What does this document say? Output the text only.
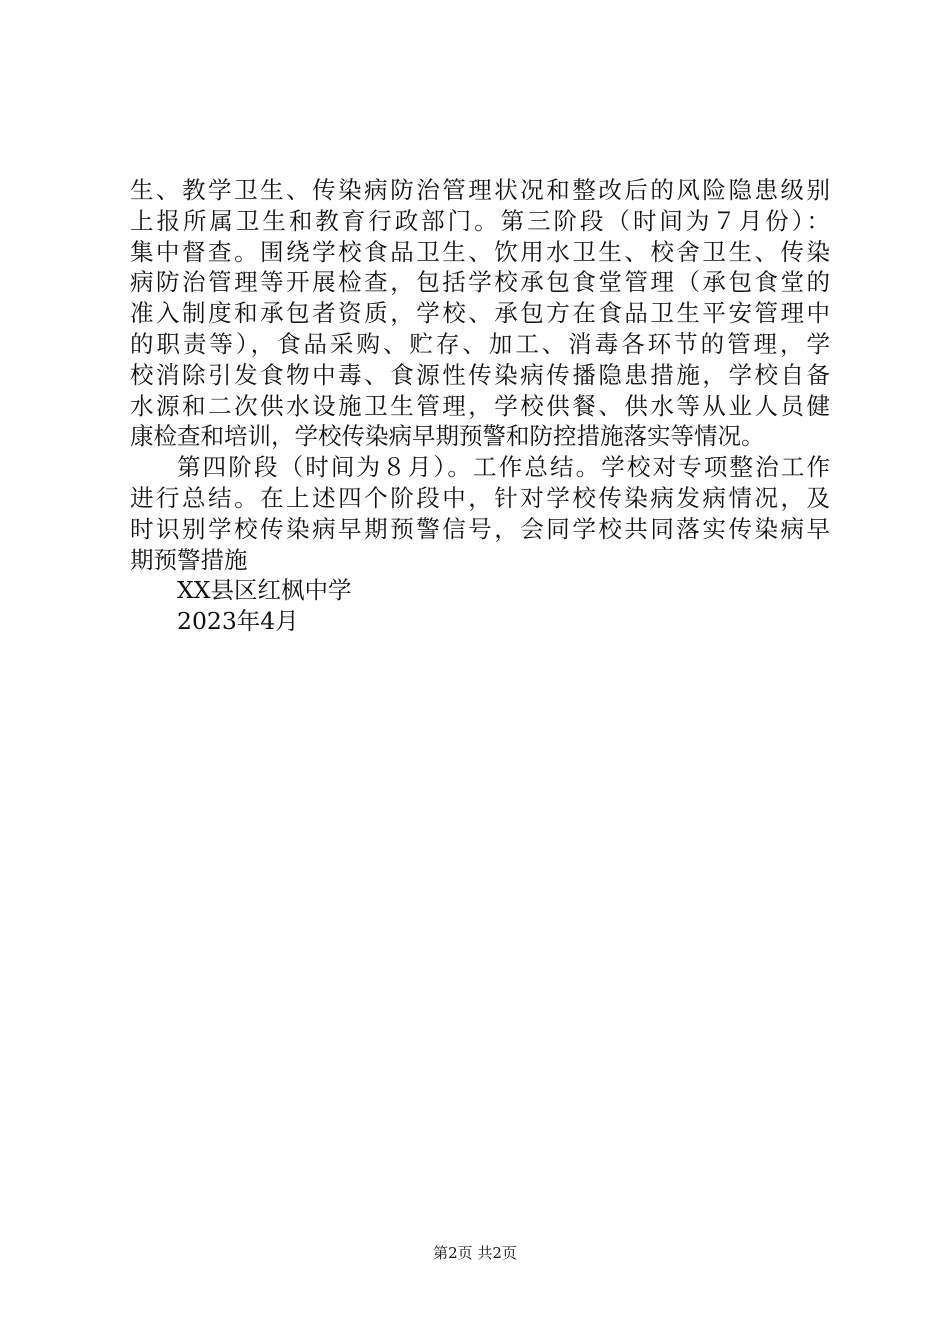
生、教学卫生、传染病防治管理状况和整改后的风险隐患级别
上报所属卫生和教育行政部门。第三阶段（时间为７月份）：
集中督查。围绕学校食品卫生、饮用水卫生、校舍卫生、传染
病防治管理等开展检查，包括学校承包食堂管理（承包食堂的
准入制度和承包者资质，学校、承包方在食品卫生平安管理中
的职责等），食品采购、贮存、加工、消毒各环节的管理，学
校消除引发食物中毒、食源性传染病传播隐患措施，学校自备
水源和二次供水设施卫生管理，学校供餐、供水等从业人员健
康检查和培训，学校传染病早期预警和防控措施落实等情况。
第四阶段（时间为８月）。工作总结。学校对专项整治工作
进行总结。在上述四个阶段中，针对学校传染病发病情况，及
时识别学校传染病早期预警信号，会同学校共同落实传染病早
期预警措施
XX县区红枫中学
2023年4月
第2页 共2页
